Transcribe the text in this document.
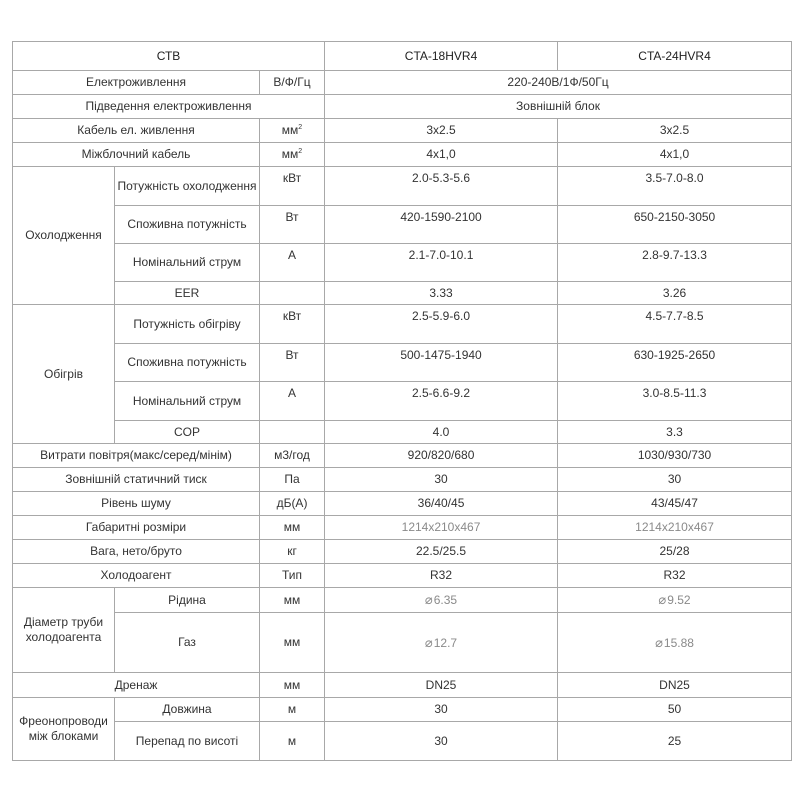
СТВ			CTA-18HVR4	CTA-24HVR4
Електроживлення		В/Ф/Гц	220-240В/1Ф/50Гц	
Підведення електроживлення			Зовнішній блок	
Кабель ел. живлення		$мм^2$	3x2.5	3x2.5
Міжблочний кабель		$мм^2$	4x1,0	4x1,0
Охолодження	Потужність охолодження	кВт	2.0-5.3-5.6	3.5-7.0-8.0
	Споживна потужність	Вт	420-1590-2100	650-2150-3050
	Номінальний струм	А	2.1-7.0-10.1	2.8-9.7-13.3
	EER		3.33	3.26
Обігрів	Потужність обігріву	кВт	2.5-5.9-6.0	4.5-7.7-8.5
	Споживна потужність	Вт	500-1475-1940	630-1925-2650
	Номінальний струм	А	2.5-6.6-9.2	3.0-8.5-11.3
	COP		4.0	3.3
Витрати повітря(макс/серед/мінім)		м3/год	920/820/680	1030/930/730
Зовнішній статичний тиск		Па	30	30
Рівень шуму		дБ(А)	36/40/45	43/45/47
Габаритні розміри		мм	1214x210x467	1214x210x467
Вага, нето/бруто		кг	22.5/25.5	25/28
Холодоагент		Тип	R32	R32
Діаметр труби холодоагента	Рідина	мм	⌀6.35	⌀9.52
	Газ	мм	⌀12.7	⌀15.88
Дренаж		мм	DN25	DN25
Фреонопроводи між блоками	Довжина	м	30	50
	Перепад по висоті	м	30	25
